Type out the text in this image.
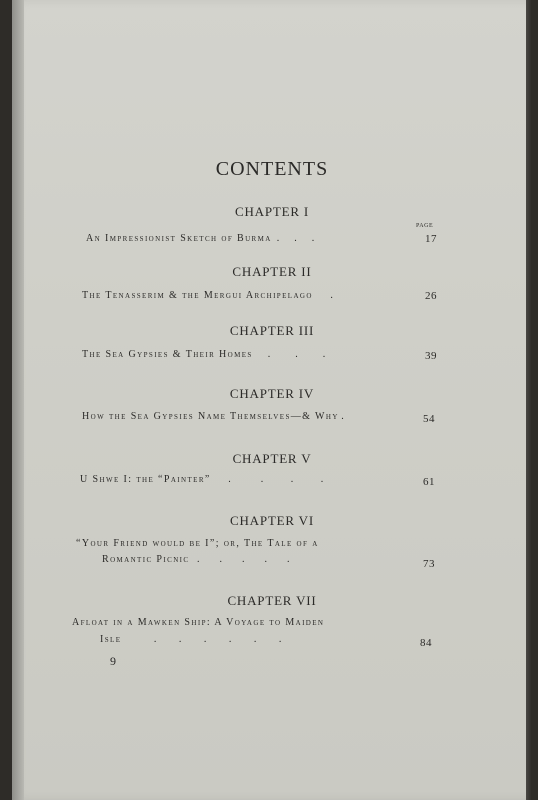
CONTENTS
CHAPTER I
PAGE
An Impressionist Sketch of Burma  .      .      .	17
CHAPTER II
The Tenasserim & the Mergui Archipelago       .	26
CHAPTER III
The Sea Gypsies & Their Homes      .          .          .	39
CHAPTER IV
How the Sea Gypsies Name Themselves—& Why .	54
CHAPTER V
U Shwe I: the “Painter”       .            .           .           .	61
CHAPTER VI
“Your Friend would be I”; or, The Tale of a
Romantic Picnic   .        .        .        .        .	73
CHAPTER VII
Afloat in a Mawken Ship: A Voyage to Maiden
Isle             .         .         .         .         .         .	84
9
